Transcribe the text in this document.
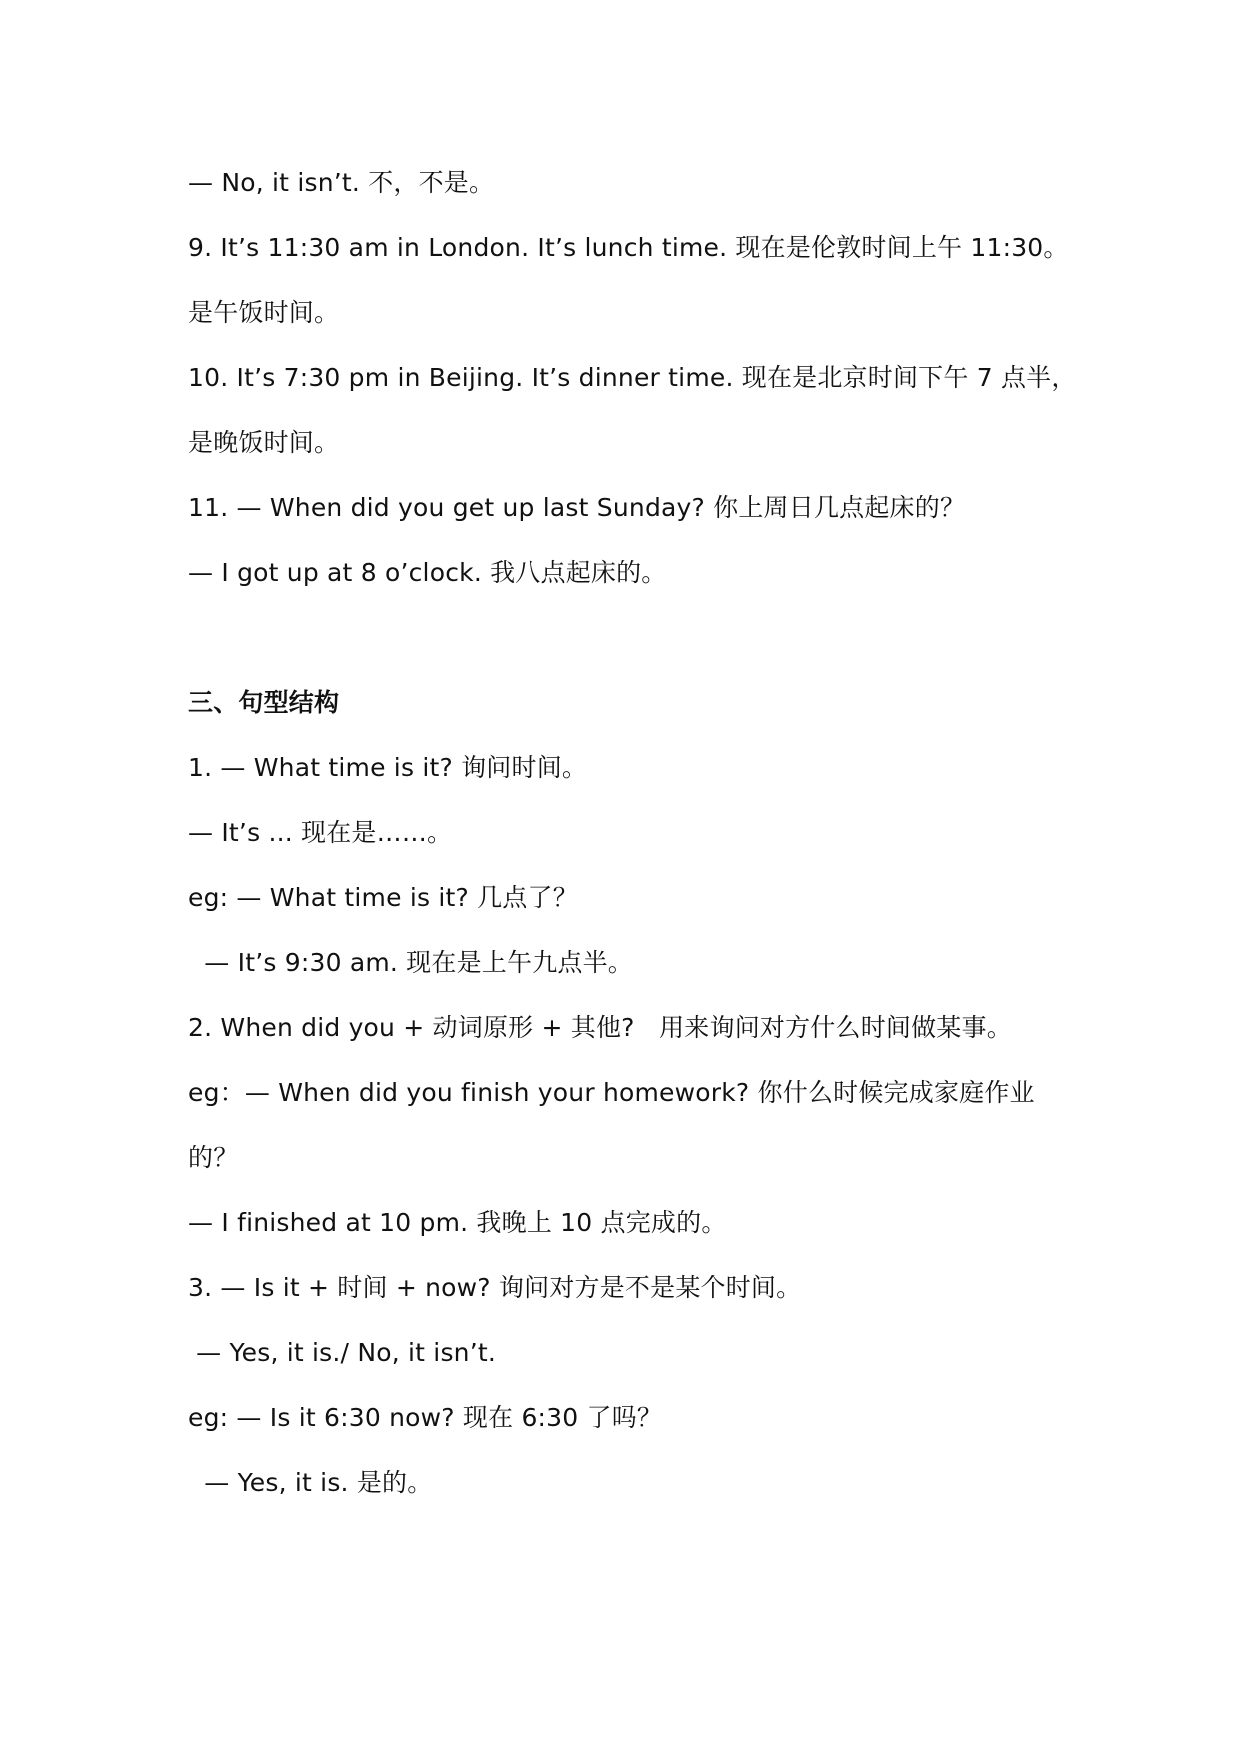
— No, it isn’t. 不，不是。
9. It’s 11:30 am in London. It’s lunch time. 现在是伦敦时间上午 11:30。
是午饭时间。
10. It’s 7:30 pm in Beijing. It’s dinner time. 现在是北京时间下午 7 点半，
是晚饭时间。
11. — When did you get up last Sunday? 你上周日几点起床的？
— I got up at 8 o’clock. 我八点起床的。
三、句型结构
1. — What time is it? 询问时间。
— It’s ... 现在是……。
eg: — What time is it? 几点了？
— It’s 9:30 am. 现在是上午九点半。
2. When did you + 动词原形 + 其他?   用来询问对方什么时间做某事。
eg：— When did you finish your homework? 你什么时候完成家庭作业
的？
— I finished at 10 pm. 我晚上 10 点完成的。
3. — Is it + 时间 + now? 询问对方是不是某个时间。
— Yes, it is./ No, it isn’t.
eg: — Is it 6:30 now? 现在 6:30 了吗？
— Yes, it is. 是的。
